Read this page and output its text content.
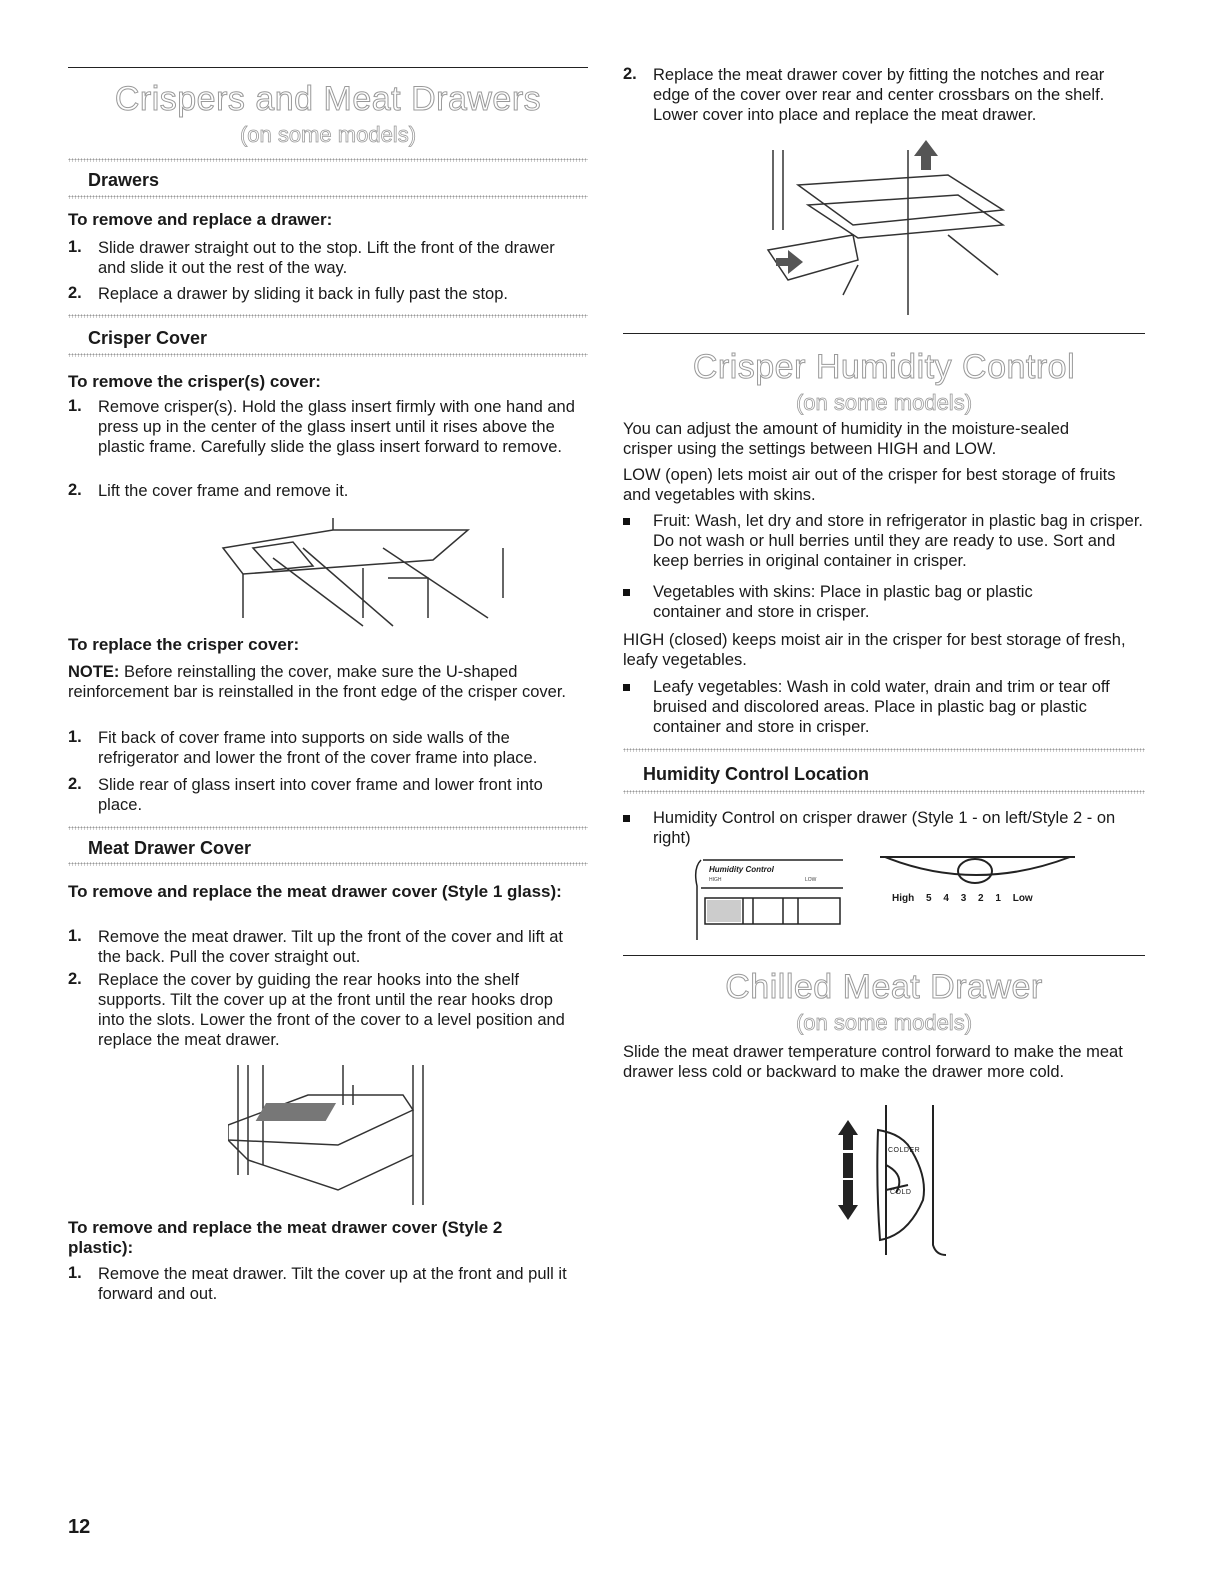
Crispers and Meat Drawers
(on some models)
Drawers
To remove and replace a drawer:
1. Slide drawer straight out to the stop. Lift the front of the drawer and slide it out the rest of the way.
2. Replace a drawer by sliding it back in fully past the stop.
Crisper Cover
To remove the crisper(s) cover:
1. Remove crisper(s). Hold the glass insert firmly with one hand and press up in the center of the glass insert until it rises above the plastic frame. Carefully slide the glass insert forward to remove.
2. Lift the cover frame and remove it.
To replace the crisper cover:
NOTE: Before reinstalling the cover, make sure the U-shaped reinforcement bar is reinstalled in the front edge of the crisper cover.
1. Fit back of cover frame into supports on side walls of the refrigerator and lower the front of the cover frame into place.
2. Slide rear of glass insert into cover frame and lower front into place.
Meat Drawer Cover
To remove and replace the meat drawer cover (Style 1 glass):
1. Remove the meat drawer. Tilt up the front of the cover and lift at the back. Pull the cover straight out.
2. Replace the cover by guiding the rear hooks into the shelf supports. Tilt the cover up at the front until the rear hooks drop into the slots. Lower the front of the cover to a level position and replace the meat drawer.
To remove and replace the meat drawer cover (Style 2 plastic):
1. Remove the meat drawer. Tilt the cover up at the front and pull it forward and out.
2. Replace the meat drawer cover by fitting the notches and rear edge of the cover over rear and center crossbars on the shelf. Lower cover into place and replace the meat drawer.
Crisper Humidity Control
(on some models)
You can adjust the amount of humidity in the moisture-sealed crisper using the settings between HIGH and LOW.
LOW (open) lets moist air out of the crisper for best storage of fruits and vegetables with skins.
Fruit: Wash, let dry and store in refrigerator in plastic bag in crisper. Do not wash or hull berries until they are ready to use. Sort and keep berries in original container in crisper.
Vegetables with skins: Place in plastic bag or plastic container and store in crisper.
HIGH (closed) keeps moist air in the crisper for best storage of fresh, leafy vegetables.
Leafy vegetables: Wash in cold water, drain and trim or tear off bruised and discolored areas. Place in plastic bag or plastic container and store in crisper.
Humidity Control Location
Humidity Control on crisper drawer (Style 1 - on left/Style 2 - on right)
Humidity Control
HIGH	LOW
High 5 4 3 2 1 Low
Chilled Meat Drawer
(on some models)
Slide the meat drawer temperature control forward to make the meat drawer less cold or backward to make the drawer more cold.
COLDER
COLD
12
